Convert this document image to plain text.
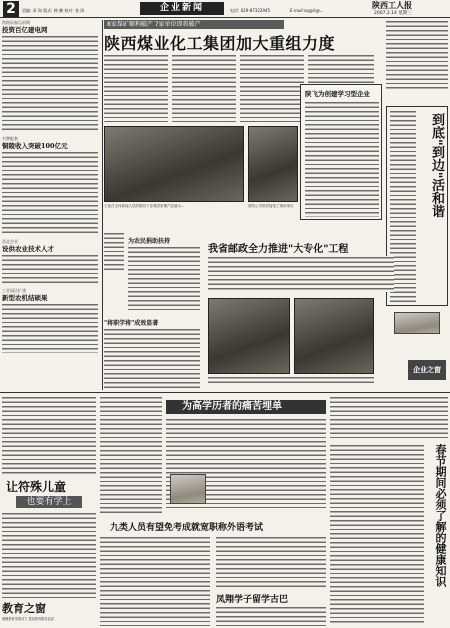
2	责编: 章 海 版式: 韩 鹏 校对: 卷 海	企业新闻	电话: 029-87322945	E-mail:sxgyb@...
陕西工人报
2007.2.14 星期三
铁路局春运前期
投资百亿建电网
名牌配套
铜陵收入突破100亿元
西北企业
设供农业技术人才
工业园区扩建
新型农机结硕果
8家煤矿顺利破产 7家单位即将破产
陕西煤业化工集团加大重组力度
王某在全体新闻人员的陪同下参观洪家楼产品展示...	洛阳公司领导接受了现场采访
陕飞为创建学习型企业
到底"到边"活和谐
为农民捐助扶持
"将职学将"成效显著
我省邮政全力推进"大专化"工程
企业之窗
让符殊儿童
也要有学上
教育之窗
凝聚教育发展动力 提高教育服务品质
为高学历者的痛苦埋单
九类人员有望免考成就宽职称外语考试
凤翔学子留学古巴
春节期间必须了解的健康知识
